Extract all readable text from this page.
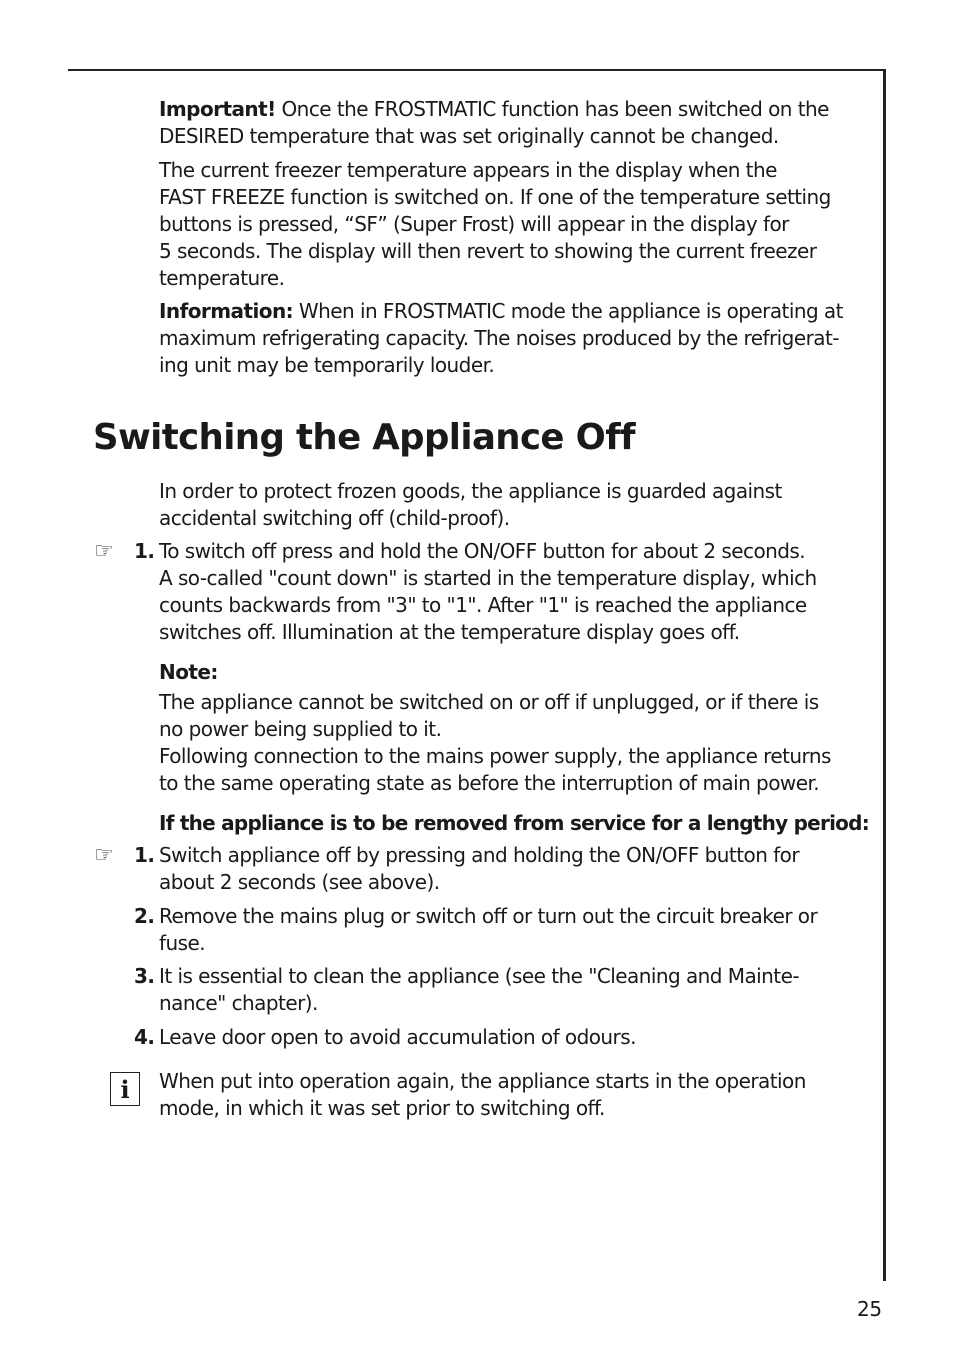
Important! Once the FROSTMATIC function has been switched on the
DESIRED temperature that was set originally cannot be changed.
The current freezer temperature appears in the display when the
FAST FREEZE function is switched on. If one of the temperature setting
buttons is pressed, “SF” (Super Frost) will appear in the display for
5 seconds. The display will then revert to showing the current freezer
temperature.
Information: When in FROSTMATIC mode the appliance is operating at
maximum refrigerating capacity. The noises produced by the refrigerat-
ing unit may be temporarily louder.
Switching the Appliance Off
In order to protect frozen goods, the appliance is guarded against
accidental switching off (child-proof).
☞ 1. To switch off press and hold the ON/OFF button for about 2 seconds.
A so-called "count down" is started in the temperature display, which
counts backwards from "3" to "1". After "1" is reached the appliance
switches off. Illumination at the temperature display goes off.
Note:
The appliance cannot be switched on or off if unplugged, or if there is
no power being supplied to it.
Following connection to the mains power supply, the appliance returns
to the same operating state as before the interruption of main power.
If the appliance is to be removed from service for a lengthy period:
☞ 1. Switch appliance off by pressing and holding the ON/OFF button for
about 2 seconds (see above).
2. Remove the mains plug or switch off or turn out the circuit breaker or
fuse.
3. It is essential to clean the appliance (see the "Cleaning and Mainte-
nance" chapter).
4. Leave door open to avoid accumulation of odours.
i	When put into operation again, the appliance starts in the operation
mode, in which it was set prior to switching off.
25
